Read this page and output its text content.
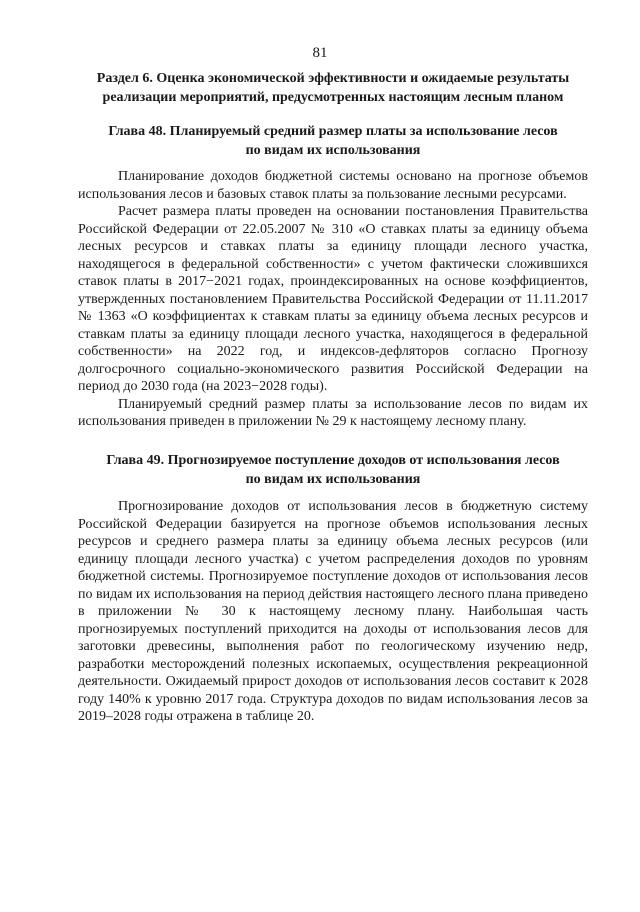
81
Раздел 6. Оценка экономической эффективности и ожидаемые результаты
реализации мероприятий, предусмотренных настоящим лесным планом
Глава 48. Планируемый средний размер платы за использование лесов
по видам их использования

Планирование доходов бюджетной системы основано на прогнозе объемов использования лесов и базовых ставок платы за пользование лесными ресурсами.

Расчет размера платы проведен на основании постановления Правительства Российской Федерации от 22.05.2007 № 310 «О ставках платы за единицу объема лесных ресурсов и ставках платы за единицу площади лесного участка, находящегося в федеральной собственности» с учетом фактически сложившихся ставок платы в 2017−2021 годах, проиндексированных на основе коэффициентов, утвержденных постановлением Правительства Российской Федерации от 11.11.2017 № 1363 «О коэффициентах к ставкам платы за единицу объема лесных ресурсов и ставкам платы за единицу площади лесного участка, находящегося в федеральной собственности» на 2022 год, и индексов-дефляторов согласно Прогнозу долгосрочного социально-экономического развития Российской Федерации на период до 2030 года (на 2023−2028 годы).

Планируемый средний размер платы за использование лесов по видам их использования приведен в приложении № 29 к настоящему лесному плану.

Глава 49. Прогнозируемое поступление доходов от использования лесов
по видам их использования

Прогнозирование доходов от использования лесов в бюджетную систему Российской Федерации базируется на прогнозе объемов использования лесных ресурсов и среднего размера платы за единицу объема лесных ресурсов (или единицу площади лесного участка) с учетом распределения доходов по уровням бюджетной системы. Прогнозируемое поступление доходов от использования лесов по видам их использования на период действия настоящего лесного плана приведено в приложении № 30 к настоящему лесному плану. Наибольшая часть прогнозируемых поступлений приходится на доходы от использования лесов для заготовки древесины, выполнения работ по геологическому изучению недр, разработки месторождений полезных ископаемых, осуществления рекреационной деятельности. Ожидаемый прирост доходов от использования лесов составит к 2028 году 140% к уровню 2017 года. Структура доходов по видам использования лесов за 2019–2028 годы отражена в таблице 20.
